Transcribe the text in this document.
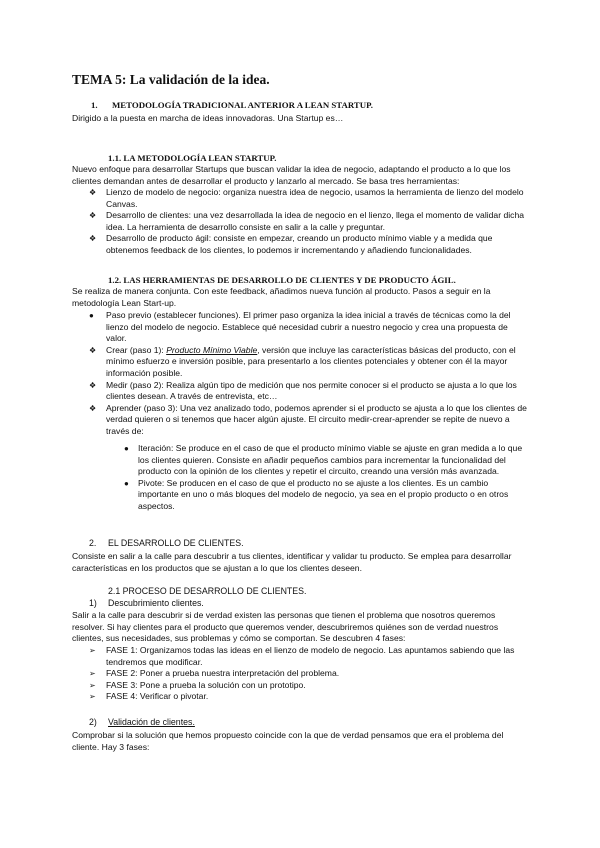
TEMA 5: La validación de la idea.
1. METODOLOGÍA TRADICIONAL ANTERIOR A LEAN STARTUP.
Dirigido a la puesta en marcha de ideas innovadoras. Una Startup es…
1.1. LA METODOLOGÍA LEAN STARTUP.
Nuevo enfoque para desarrollar Startups que buscan validar la idea de negocio, adaptando el producto a lo que los clientes demandan antes de desarrollar el producto y lanzarlo al mercado. Se basa tres herramientas:

❖ Lienzo de modelo de negocio: organiza nuestra idea de negocio, usamos la herramienta de lienzo del modelo Canvas.

❖ Desarrollo de clientes: una vez desarrollada la idea de negocio en el lienzo, llega el momento de validar dicha idea. La herramienta de desarrollo consiste en salir a la calle y preguntar.

❖ Desarrollo de producto ágil: consiste en empezar, creando un producto mínimo viable y a medida que obtenemos feedback de los clientes, lo podemos ir incrementando y añadiendo funcionalidades.

1.2. LAS HERRAMIENTAS DE DESARROLLO DE CLIENTES Y DE PRODUCTO ÁGIL.
Se realiza de manera conjunta. Con este feedback, añadimos nueva función al producto. Pasos a seguir en la metodología Lean Start-up.

● Paso previo (establecer funciones). El primer paso organiza la idea inicial a través de técnicas como la del lienzo del modelo de negocio. Establece qué necesidad cubrir a nuestro negocio y crea una propuesta de valor.

❖ Crear (paso 1): Producto Mínimo Viable, versión que incluye las características básicas del producto, con el mínimo esfuerzo e inversión posible, para presentarlo a los clientes potenciales y obtener con él la mayor información posible.

❖ Medir (paso 2): Realiza algún tipo de medición que nos permite conocer si el producto se ajusta a lo que los clientes desean. A través de entrevista, etc…

❖ Aprender (paso 3): Una vez analizado todo, podemos aprender si el producto se ajusta a lo que los clientes de verdad quieren o si tenemos que hacer algún ajuste. El circuito medir-crear-aprender se repite de nuevo a través de:

● Iteración: Se produce en el caso de que el producto mínimo viable se ajuste en gran medida a lo que los clientes quieren. Consiste en añadir pequeños cambios para incrementar la funcionalidad del producto con la opinión de los clientes y repetir el circuito, creando una versión más avanzada.

● Pivote: Se producen en el caso de que el producto no se ajuste a los clientes. Es un cambio importante en uno o más bloques del modelo de negocio, ya sea en el propio producto o en otros aspectos.

2. EL DESARROLLO DE CLIENTES.
Consiste en salir a la calle para descubrir a tus clientes, identificar y validar tu producto. Se emplea para desarrollar características en los productos que se ajustan a lo que los clientes deseen.
2.1 PROCESO DE DESARROLLO DE CLIENTES.
1) Descubrimiento clientes.
Salir a la calle para descubrir si de verdad existen las personas que tienen el problema que nosotros queremos resolver. Si hay clientes para el producto que queremos vender, descubriremos quiénes son de verdad nuestros clientes, sus necesidades, sus problemas y cómo se comportan. Se descubren 4 fases:

➢ FASE 1: Organizamos todas las ideas en el lienzo de modelo de negocio. Las apuntamos sabiendo que las tendremos que modificar.

➢ FASE 2: Poner a prueba nuestra interpretación del problema.

➢ FASE 3: Pone a prueba la solución con un prototipo.

➢ FASE 4: Verificar o pivotar.

2) Validación de clientes.
Comprobar si la solución que hemos propuesto coincide con la que de verdad pensamos que era el problema del cliente. Hay 3 fases:
